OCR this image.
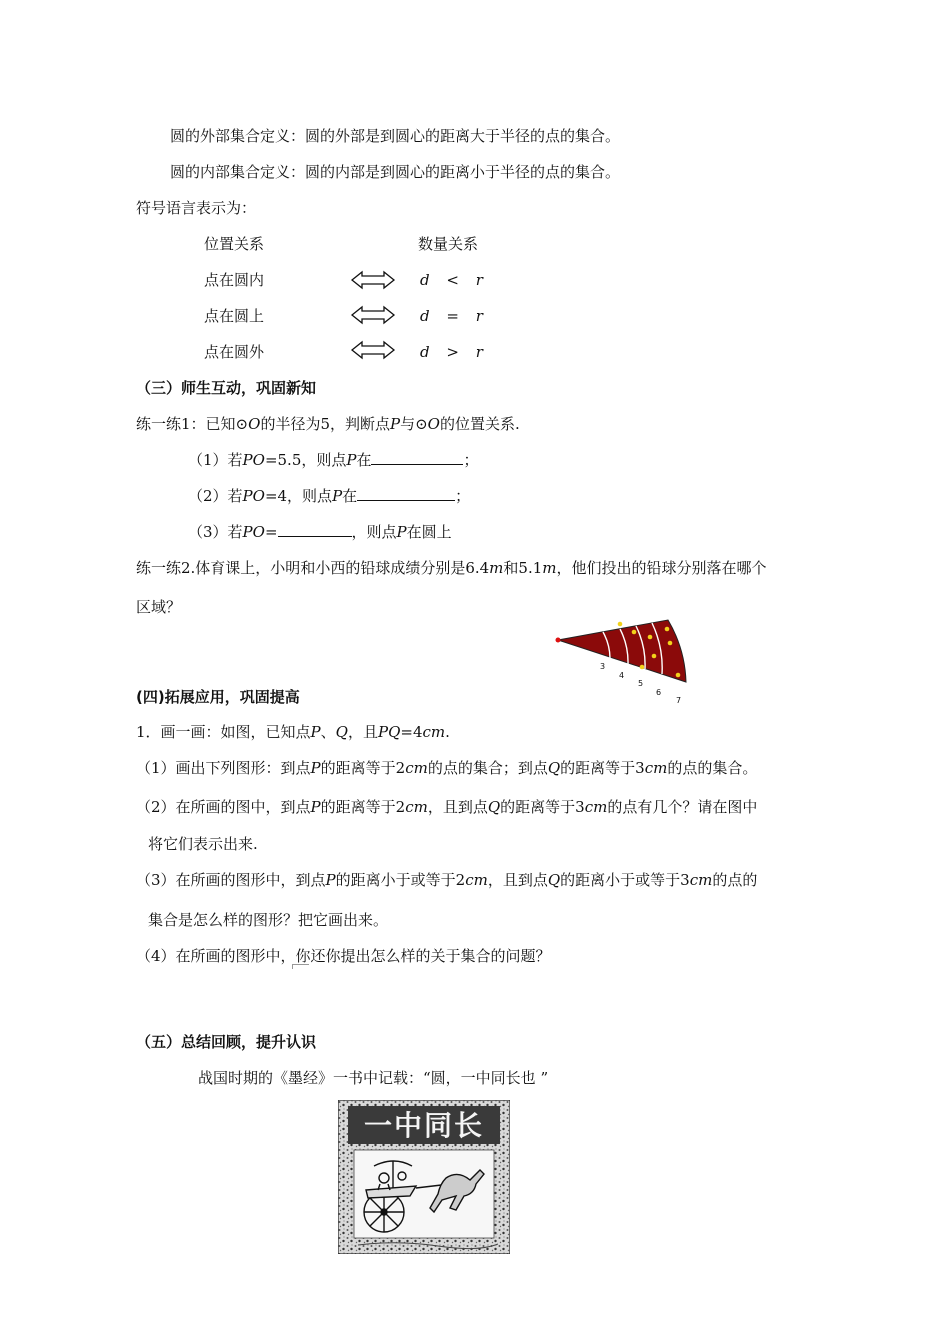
圆的外部集合定义：圆的外部是到圆心的距离大于半径的点的集合。
圆的内部集合定义：圆的内部是到圆心的距离小于半径的点的集合。
符号语言表示为：
位置关系	数量关系
点在圆内	d < r
点在圆上	d = r
点在圆外	d > r
（三）师生互动，巩固新知
练一练1：已知⊙O的半径为5，判断点P与⊙O的位置关系.
（1）若PO=5.5，则点P在	；
（2）若PO=4，则点P在	；
（3）若PO=	，则点P在圆上
练一练2.体育课上，小明和小西的铅球成绩分别是6.4m和5.1m，他们投出的铅球分别落在哪个
区域？
3
4
5
6
7
(四)拓展应用，巩固提高
1．画一画：如图，已知点P、Q，且PQ=4cm.
（1）画出下列图形：到点P的距离等于2cm的点的集合；到点Q的距离等于3cm的点的集合。
（2）在所画的图中，到点P的距离等于2cm，且到点Q的距离等于3cm的点有几个？请在图中
将它们表示出来.
（3）在所画的图形中，到点P的距离小于或等于2cm，且到点Q的距离小于或等于3cm的点的
集合是怎么样的图形？把它画出来。
（4）在所画的图形中，你还你提出怎么样的关于集合的问题？
（五）总结回顾，提升认识
战国时期的《墨经》一书中记载：“圆，一中同长也 ”
一中同长
